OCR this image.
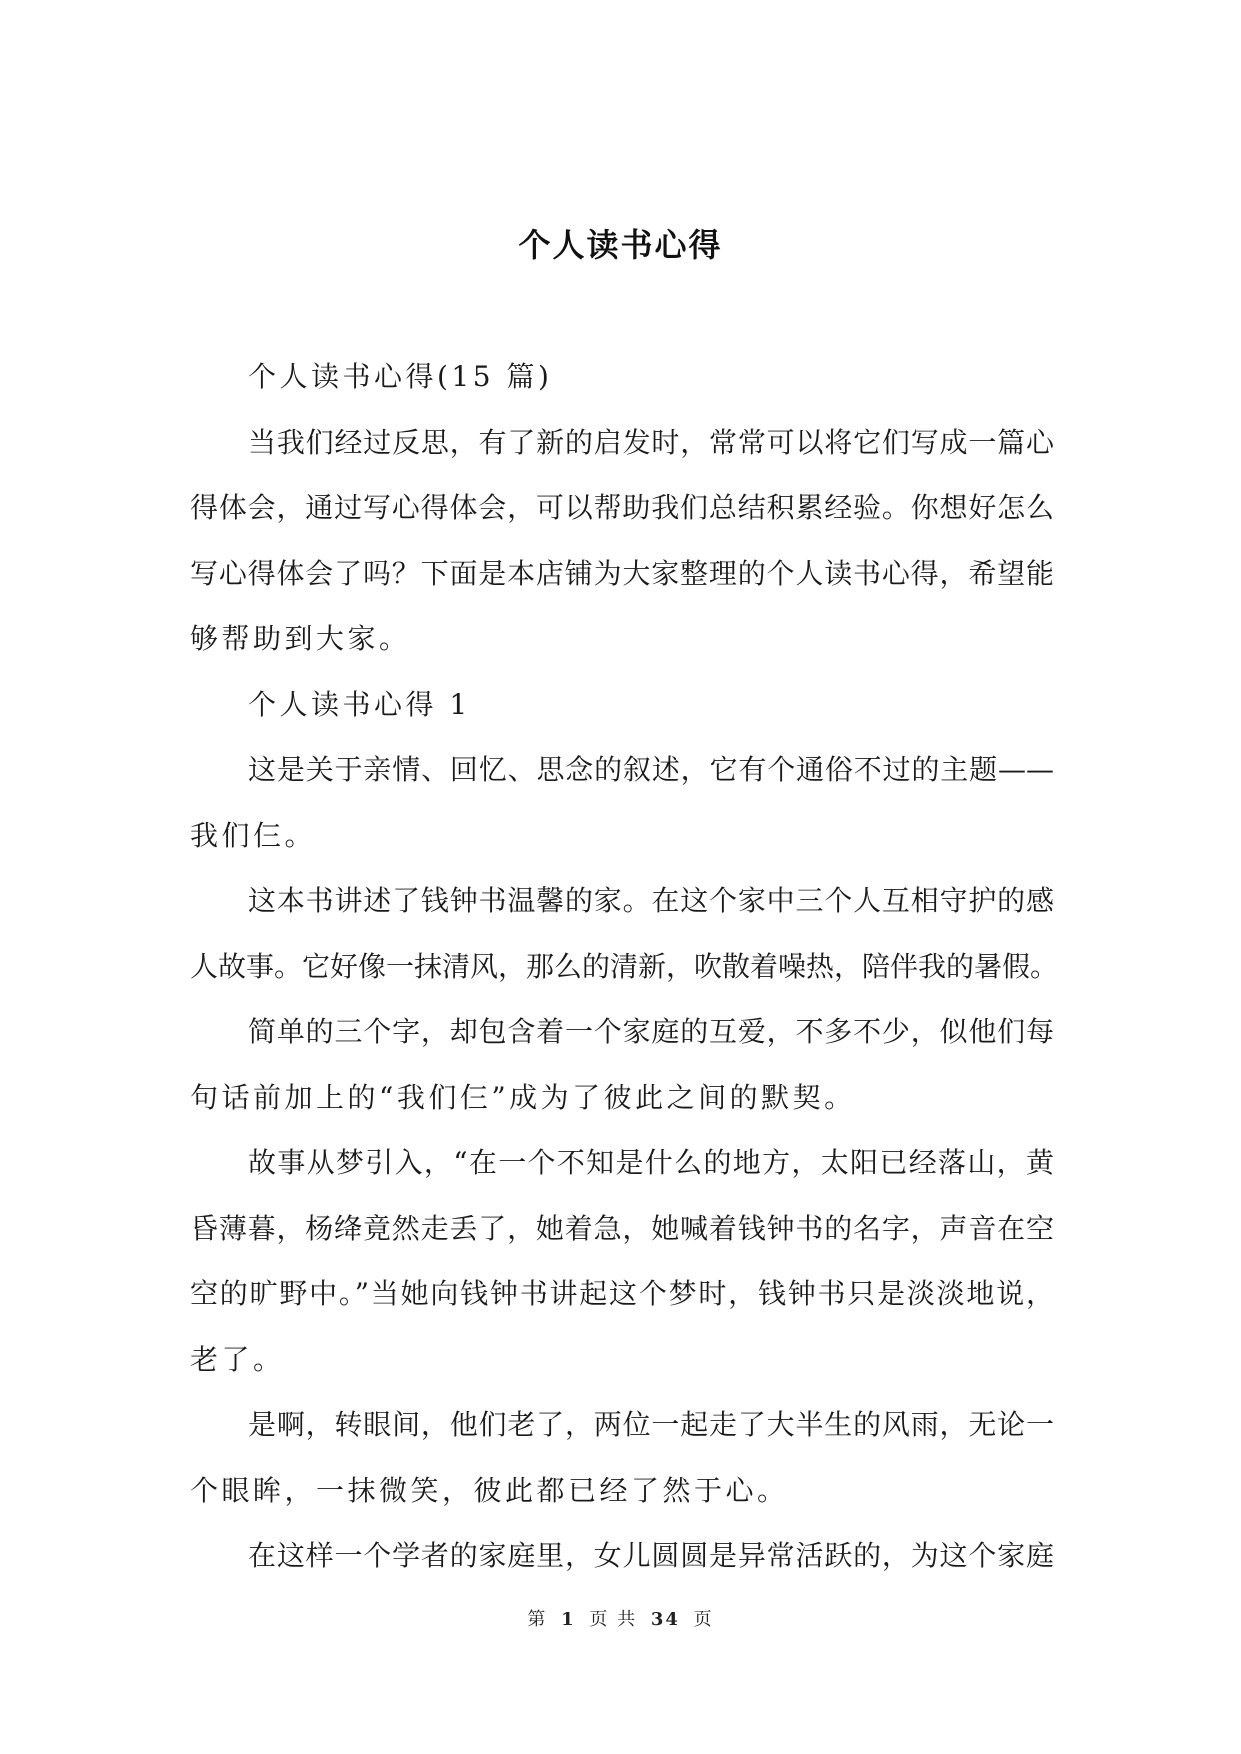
个人读书心得
个人读书心得(15 篇)
当我们经过反思，有了新的启发时，常常可以将它们写成一篇心
得体会，通过写心得体会，可以帮助我们总结积累经验。你想好怎么
写心得体会了吗？下面是本店铺为大家整理的个人读书心得，希望能
够帮助到大家。
个人读书心得 1
这是关于亲情、回忆、思念的叙述，它有个通俗不过的主题——
我们仨。
这本书讲述了钱钟书温馨的家。在这个家中三个人互相守护的感
人故事。它好像一抹清风，那么的清新，吹散着噪热，陪伴我的暑假。
简单的三个字，却包含着一个家庭的互爱，不多不少，似他们每
句话前加上的“我们仨”成为了彼此之间的默契。
故事从梦引入，“在一个不知是什么的地方，太阳已经落山，黄
昏薄暮，杨绛竟然走丢了，她着急，她喊着钱钟书的名字，声音在空
空的旷野中。”当她向钱钟书讲起这个梦时，钱钟书只是淡淡地说，
老了。
是啊，转眼间，他们老了，两位一起走了大半生的风雨，无论一
个眼眸，一抹微笑，彼此都已经了然于心。
在这样一个学者的家庭里，女儿圆圆是异常活跃的，为这个家庭
第 1 页 共 34 页
